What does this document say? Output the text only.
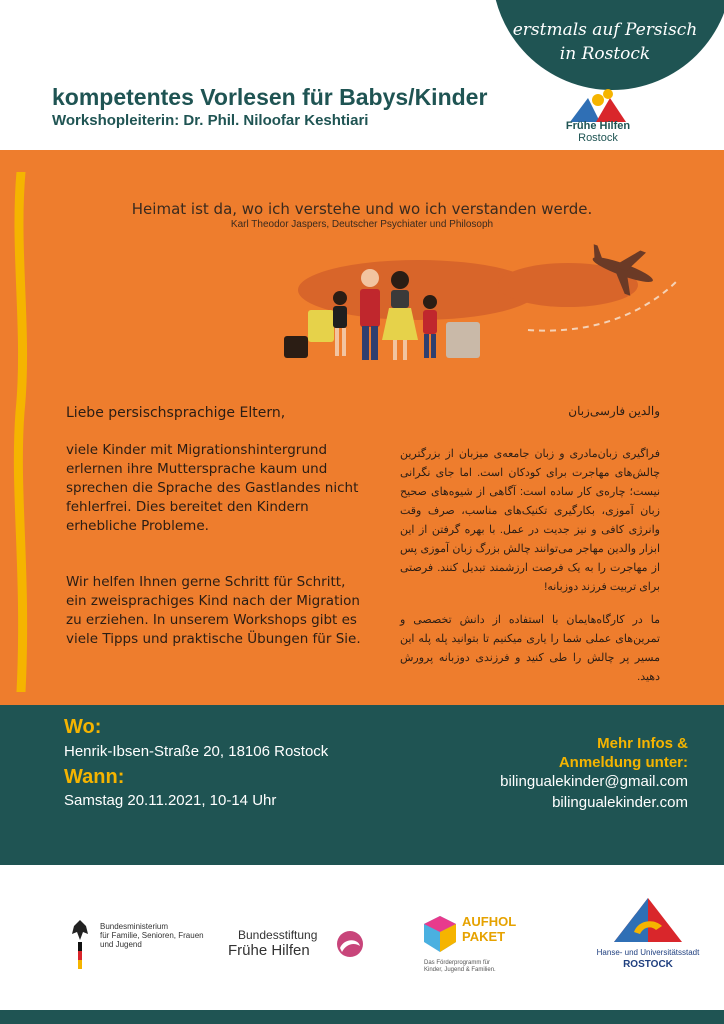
erstmals auf Persisch
in Rostock
kompetentes Vorlesen für Babys/Kinder
Workshopleiterin: Dr. Phil. Niloofar Keshtiari	Frühe Hilfen
Rostock
Heimat ist da, wo ich verstehe und wo ich verstanden werde.
Karl Theodor Jaspers, Deutscher Psychiater und Philosoph
Liebe persischsprachige Eltern,
viele Kinder mit Migrationshintergrund erlernen ihre Muttersprache kaum und sprechen die Sprache des Gastlandes nicht fehlerfrei. Dies bereitet den Kindern erhebliche Probleme.
Wir helfen Ihnen gerne Schritt für Schritt, ein zweisprachiges Kind nach der Migration zu erziehen. In unserem Workshops gibt es viele Tipps und praktische Übungen für Sie.
والدین فارسی‌زبان
فراگیری زبان‌مادری و زبان جامعه‌ی میزبان از بزرگترین چالش‌های مهاجرت برای کودکان است. اما جای نگرانی نیست؛ چاره‌ی کار ساده است: آگاهی از شیوه‌های صحیح زبان آموزی، بکارگیری تکنیک‌های مناسب، صرف وقت وانرژی کافی و نیز جدیت در عمل. با بهره گرفتن از این ابزار والدین مهاجر می‌توانند چالش بزرگ زبان آموزی پس از مهاجرت را به یک فرصت ارزشمند تبدیل کنند. فرصتی برای تربیت فرزند دوزبانه!
ما در کارگاه‌هایمان با استفاده از دانش تخصصی و تمرین‌های عملی شما را یاری میکنیم تا بتوانید پله پله این مسیر پر چالش را طی کنید و فرزندی دوزبانه پرورش دهید.
Wo:
Henrik-Ibsen-Straße 20, 18106 Rostock
Wann:
Samstag 20.11.2021, 10-14 Uhr
Mehr Infos &
Anmeldung unter:
bilingualekinder@gmail.com
bilingualekinder.com
Bundesministerium
für Familie, Senioren, Frauen
und Jugend
Bundesstiftung
Frühe Hilfen
AUFHOL
PAKET
Das Förderprogramm für
Kinder, Jugend & Familien.
Hanse- und Universitätsstadt
ROSTOCK
